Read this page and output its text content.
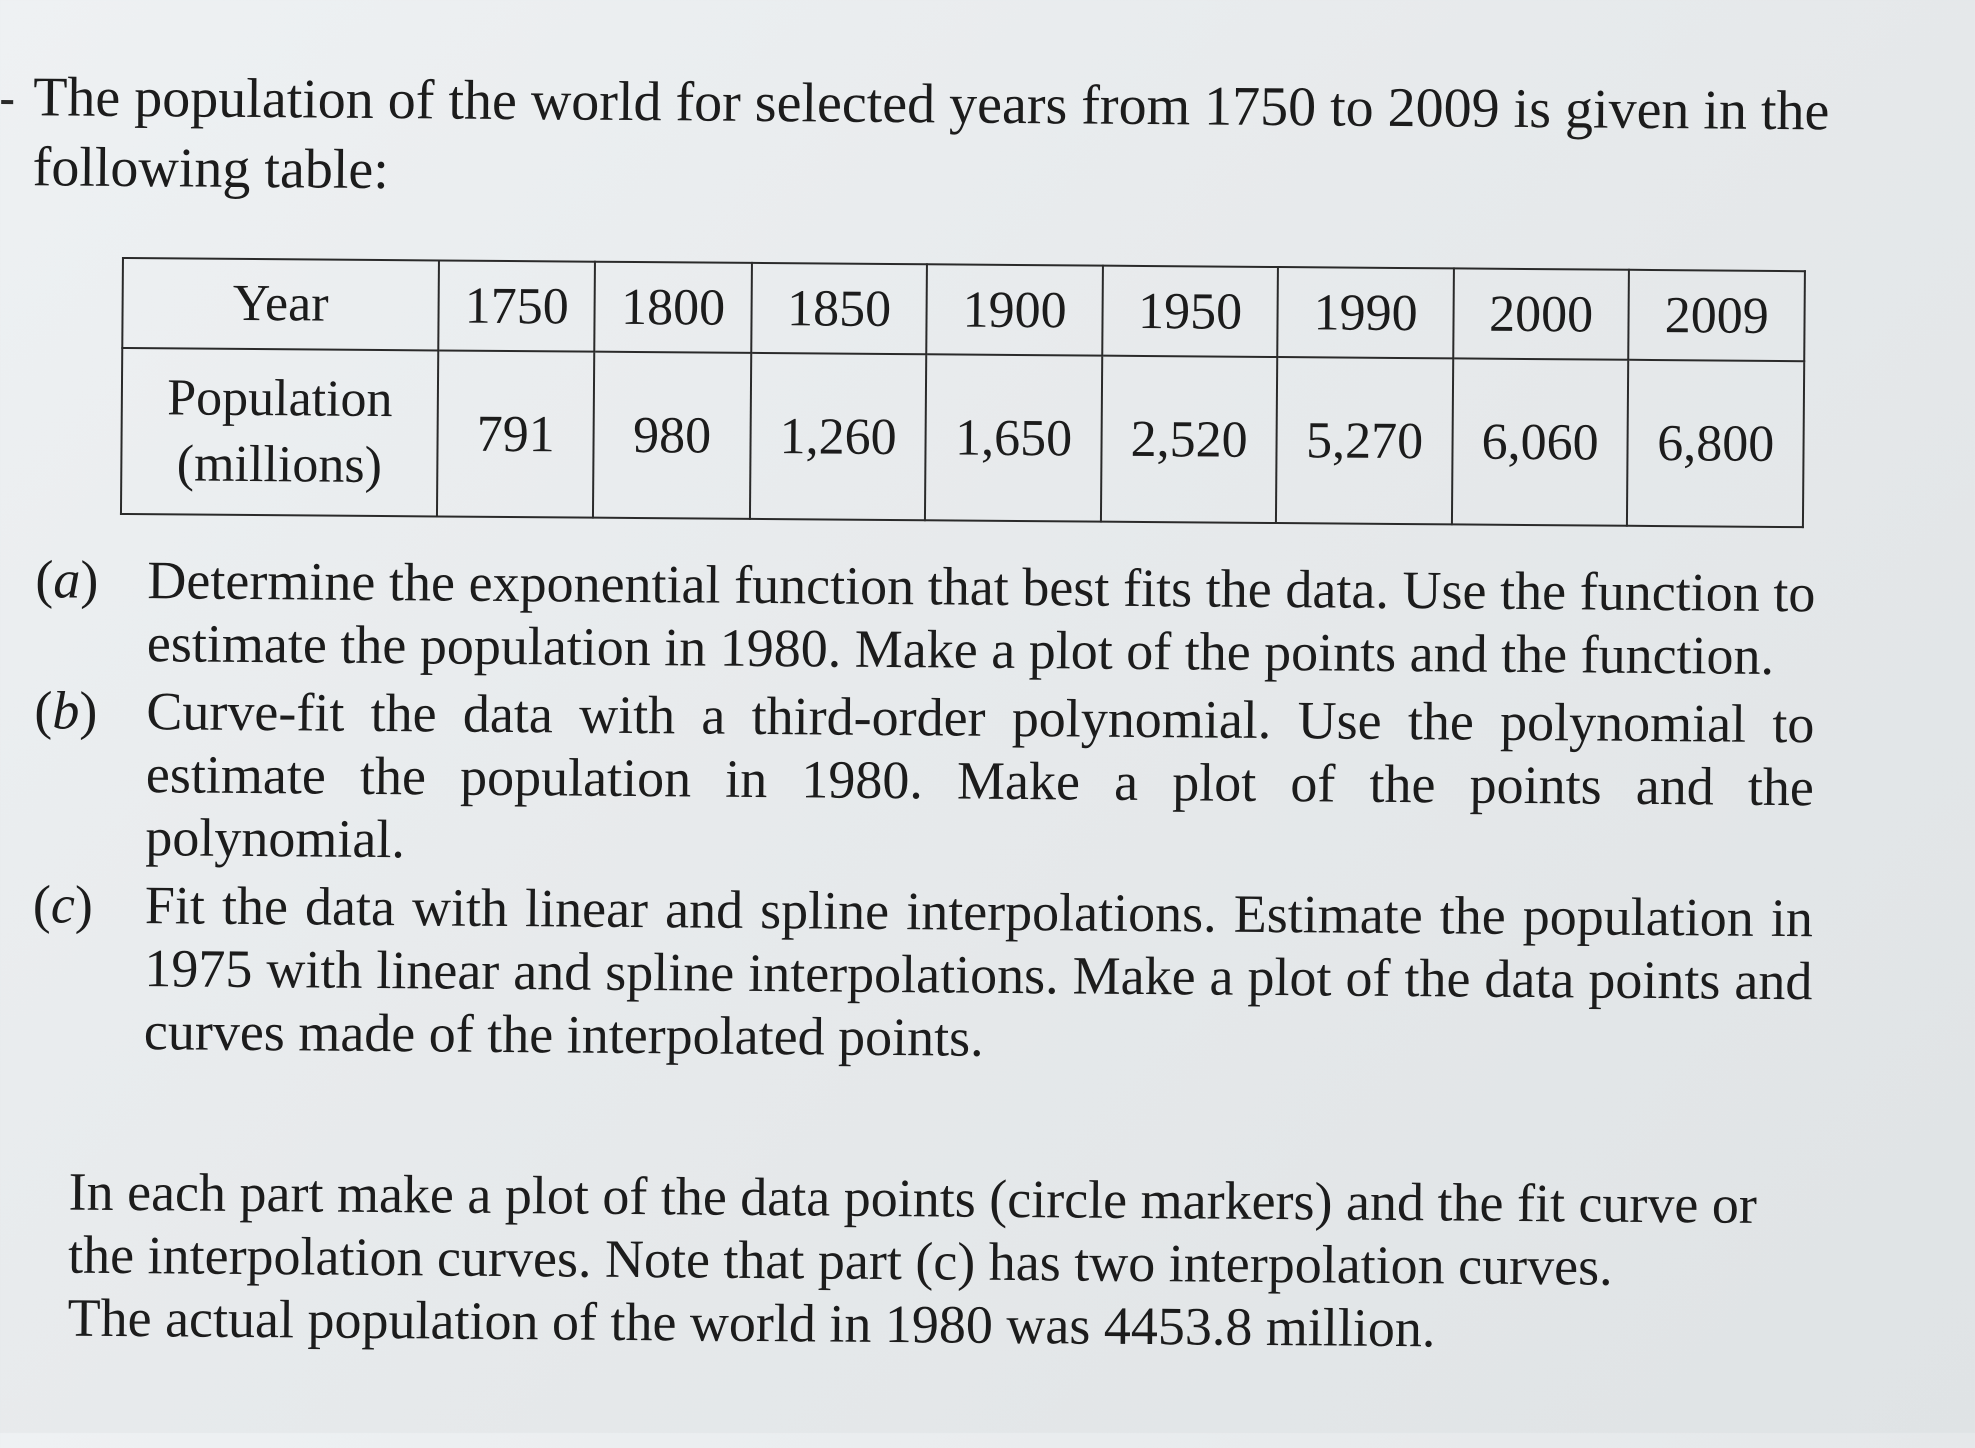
The population of the world for selected years from 1750 to 2009 is given in the following table:

Year	1750	1800	1850	1900	1950	1990	2000	2009
Population
(millions)	791	980	1,260	1,650	2,520	5,270	6,060	6,800
(a) Determine the exponential function that best fits the data. Use the function to estimate the population in 1980. Make a plot of the points and the function.
(b) Curve-fit the data with a third-order polynomial. Use the polynomial to estimate the population in 1980. Make a plot of the points and the polynomial.
(c) Fit the data with linear and spline interpolations. Estimate the population in 1975 with linear and spline interpolations. Make a plot of the data points and curves made of the interpolated points.
In each part make a plot of the data points (circle markers) and the fit curve or the interpolation curves. Note that part (c) has two interpolation curves.
The actual population of the world in 1980 was 4453.8 million.
